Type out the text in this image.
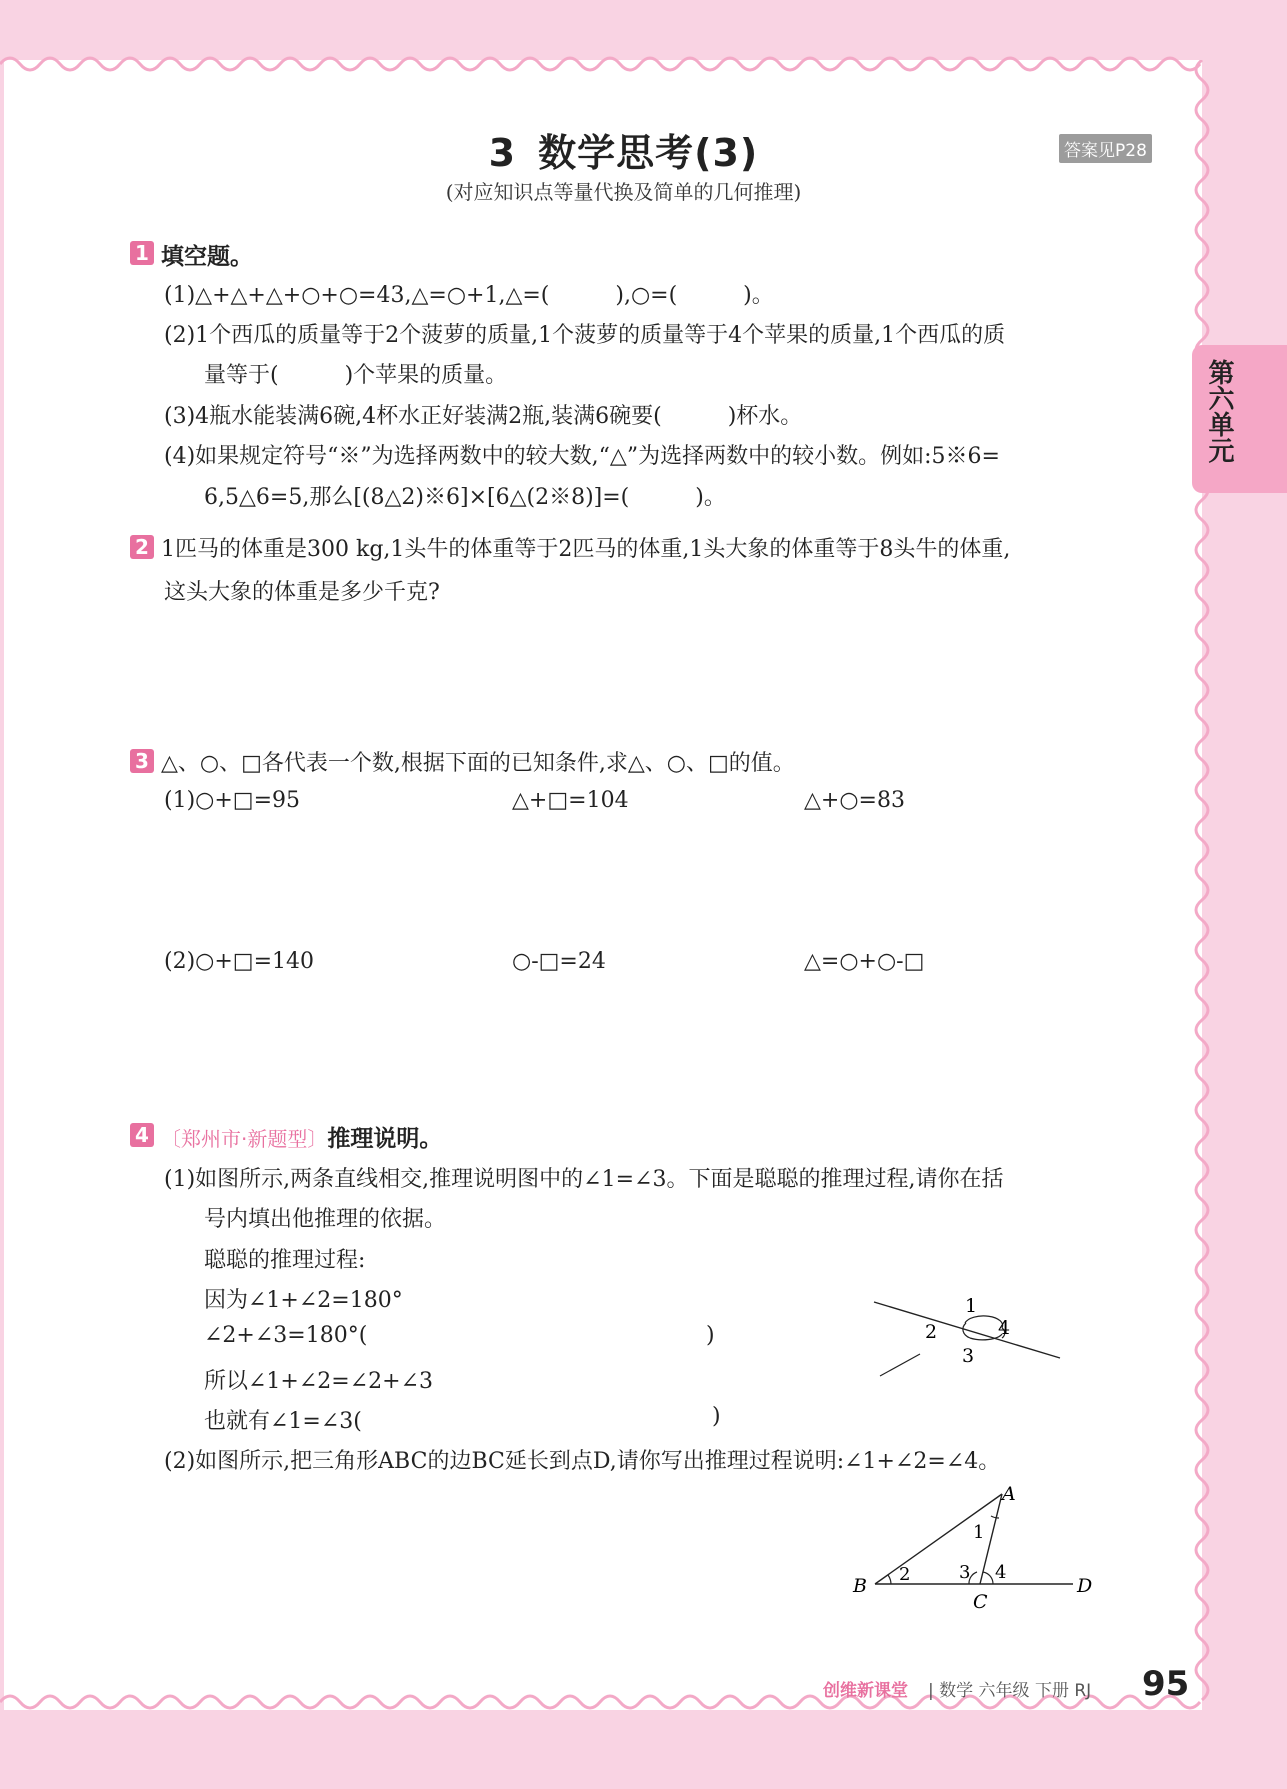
3 数学思考(3)
(对应知识点等量代换及简单的几何推理)
答案见P28
第六单元
1 填空题。
(1)△+△+△+○+○=43,△=○+1,△=(　　　),○=(　　　)。
(2)1个西瓜的质量等于2个菠萝的质量,1个菠萝的质量等于4个苹果的质量,1个西瓜的质
量等于(　　　)个苹果的质量。
(3)4瓶水能装满6碗,4杯水正好装满2瓶,装满6碗要(　　　)杯水。
(4)如果规定符号“※”为选择两数中的较大数,“△”为选择两数中的较小数。例如:5※6=
6,5△6=5,那么[(8△2)※6]×[6△(2※8)]=(　　　)。
2 1匹马的体重是300 kg,1头牛的体重等于2匹马的体重,1头大象的体重等于8头牛的体重,
这头大象的体重是多少千克?
3 △、○、□各代表一个数,根据下面的已知条件,求△、○、□的值。
(1)○+□=95	△+□=104	△+○=83
(2)○+□=140	○-□=24	△=○+○-□
4 〔郑州市·新题型〕推理说明。
(1)如图所示,两条直线相交,推理说明图中的∠1=∠3。下面是聪聪的推理过程,请你在括
号内填出他推理的依据。
聪聪的推理过程:
因为∠1+∠2=180°
∠2+∠3=180°(	)
所以∠1+∠2=∠2+∠3
也就有∠1=∠3(	)
(2)如图所示,把三角形ABC的边BC延长到点D,请你写出推理过程说明:∠1+∠2=∠4。
1
2
3
4
A
B
C
D
1
2	3 4
创维新课堂 | 数学 六年级 下册 RJ 95
